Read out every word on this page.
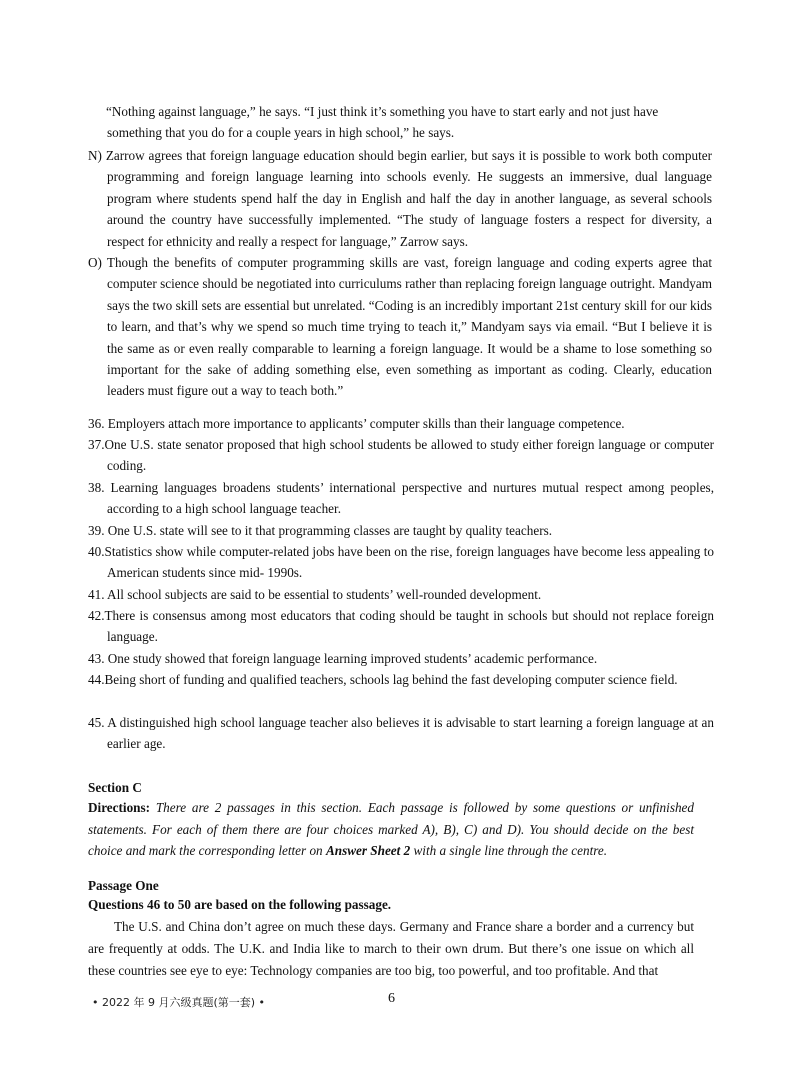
“Nothing against language,” he says. “I just think it’s something you have to start early and not just have
something that you do for a couple years in high school,” he says.
N) Zarrow agrees that foreign language education should begin earlier, but says it is possible to work both computer programming and foreign language learning into schools evenly. He suggests an immersive, dual language program where students spend half the day in English and half the day in another language, as several schools around the country have successfully implemented. “The study of language fosters a respect for diversity, a respect for ethnicity and really a respect for language,” Zarrow says.
O) Though the benefits of computer programming skills are vast, foreign language and coding experts agree that computer science should be negotiated into curriculums rather than replacing foreign language outright. Mandyam says the two skill sets are essential but unrelated. “Coding is an incredibly important 21st century skill for our kids to learn, and that’s why we spend so much time trying to teach it,” Mandyam says via email. “But I believe it is the same as or even really comparable to learning a foreign language. It would be a shame to lose something so important for the sake of adding something else, even something as important as coding. Clearly, education leaders must figure out a way to teach both.”
36. Employers attach more importance to applicants’ computer skills than their language competence.
37.One U.S. state senator proposed that high school students be allowed to study either foreign language or computer coding.
38. Learning languages broadens students’ international perspective and nurtures mutual respect among peoples, according to a high school language teacher.
39. One U.S. state will see to it that programming classes are taught by quality teachers.
40.Statistics show while computer-related jobs have been on the rise, foreign languages have become less appealing to American students since mid- 1990s.
41. All school subjects are said to be essential to students’ well-rounded development.
42.There is consensus among most educators that coding should be taught in schools but should not replace foreign language.
43. One study showed that foreign language learning improved students’ academic performance.
44.Being short of funding and qualified teachers, schools lag behind the fast developing computer science field.
45. A distinguished high school language teacher also believes it is advisable to start learning a foreign language at an earlier age.
Section C
Directions: There are 2 passages in this section. Each passage is followed by some questions or unfinished statements. For each of them there are four choices marked A), B), C) and D). You should decide on the best choice and mark the corresponding letter on Answer Sheet 2 with a single line through the centre.
Passage One
Questions 46 to 50 are based on the following passage.
The U.S. and China don’t agree on much these days. Germany and France share a border and a currency but are frequently at odds. The U.K. and India like to march to their own drum. But there’s one issue on which all these countries see eye to eye: Technology companies are too big, too powerful, and too profitable. And that
• 2022 年 9 月六级真题(第一套) •	6
